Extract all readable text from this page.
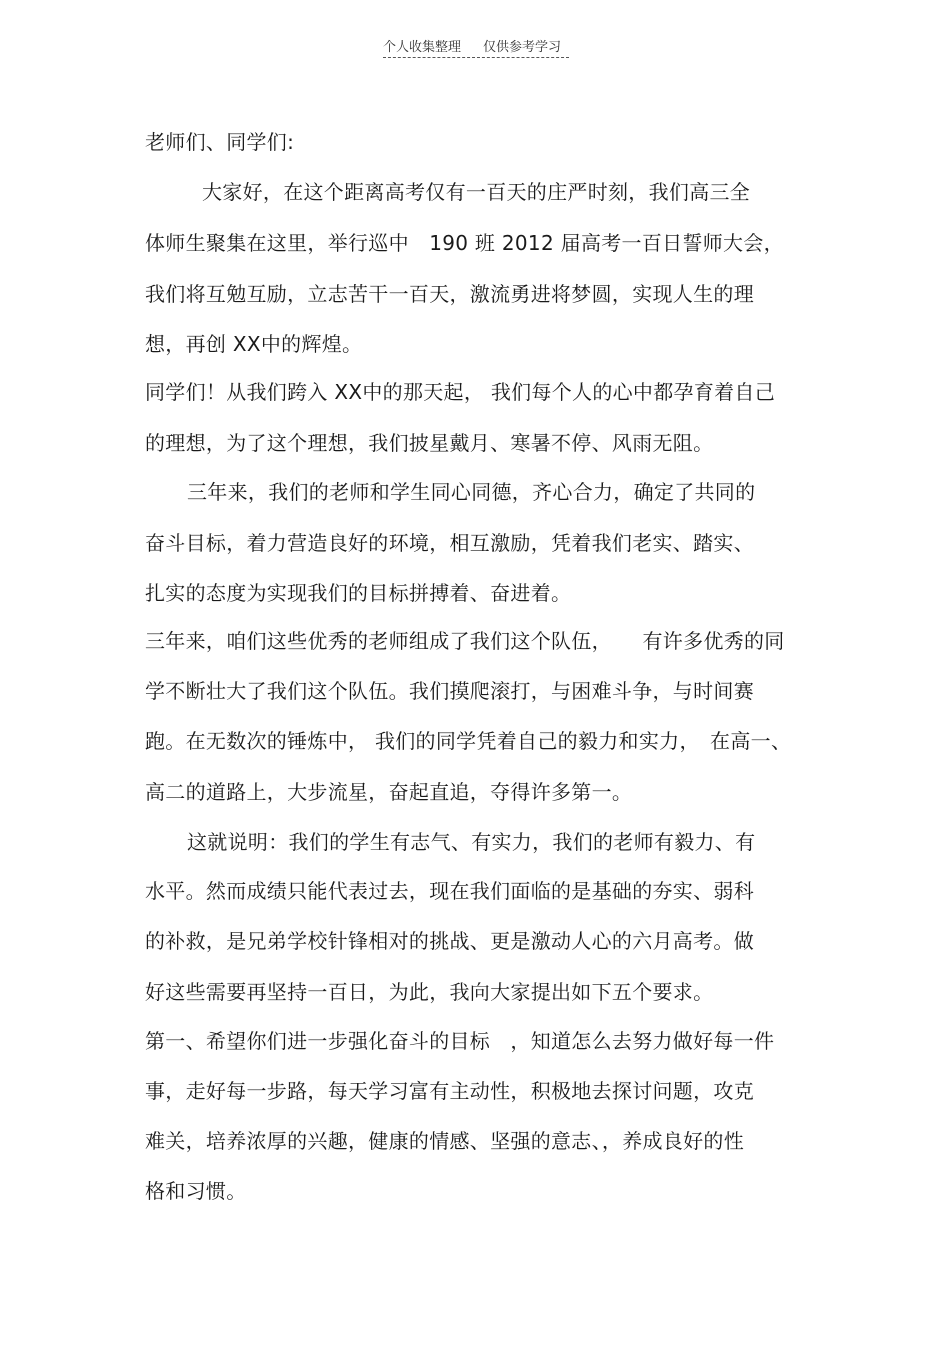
个人收集整理 仅供参考学习
老师们、同学们:
大家好，在这个距离高考仅有一百天的庄严时刻，我们高三全
体师生聚集在这里，举行巡中　190 班 2012 届高考一百日誓师大会，
我们将互勉互励，立志苦干一百天，激流勇进将梦圆，实现人生的理
想，再创 XX中的辉煌。
同学们！从我们跨入 XX中的那天起， 我们每个人的心中都孕育着自己
的理想，为了这个理想，我们披星戴月、寒暑不停、风雨无阻。
三年来，我们的老师和学生同心同德，齐心合力，确定了共同的
奋斗目标，着力营造良好的环境，相互激励，凭着我们老实、踏实、
扎实的态度为实现我们的目标拼搏着、奋进着。
三年来，咱们这些优秀的老师组成了我们这个队伍，　　有许多优秀的同
学不断壮大了我们这个队伍。我们摸爬滚打，与困难斗争，与时间赛
跑。在无数次的锤炼中， 我们的同学凭着自己的毅力和实力，　在高一、
高二的道路上，大步流星，奋起直追，夺得许多第一。
这就说明：我们的学生有志气、有实力，我们的老师有毅力、有
水平。然而成绩只能代表过去，现在我们面临的是基础的夯实、弱科
的补救，是兄弟学校针锋相对的挑战、更是激动人心的六月高考。做
好这些需要再坚持一百日，为此，我向大家提出如下五个要求。
第一、希望你们进一步强化奋斗的目标　，知道怎么去努力做好每一件
事，走好每一步路，每天学习富有主动性，积极地去探讨问题，攻克
难关，培养浓厚的兴趣，健康的情感、坚强的意志、，养成良好的性
格和习惯。
